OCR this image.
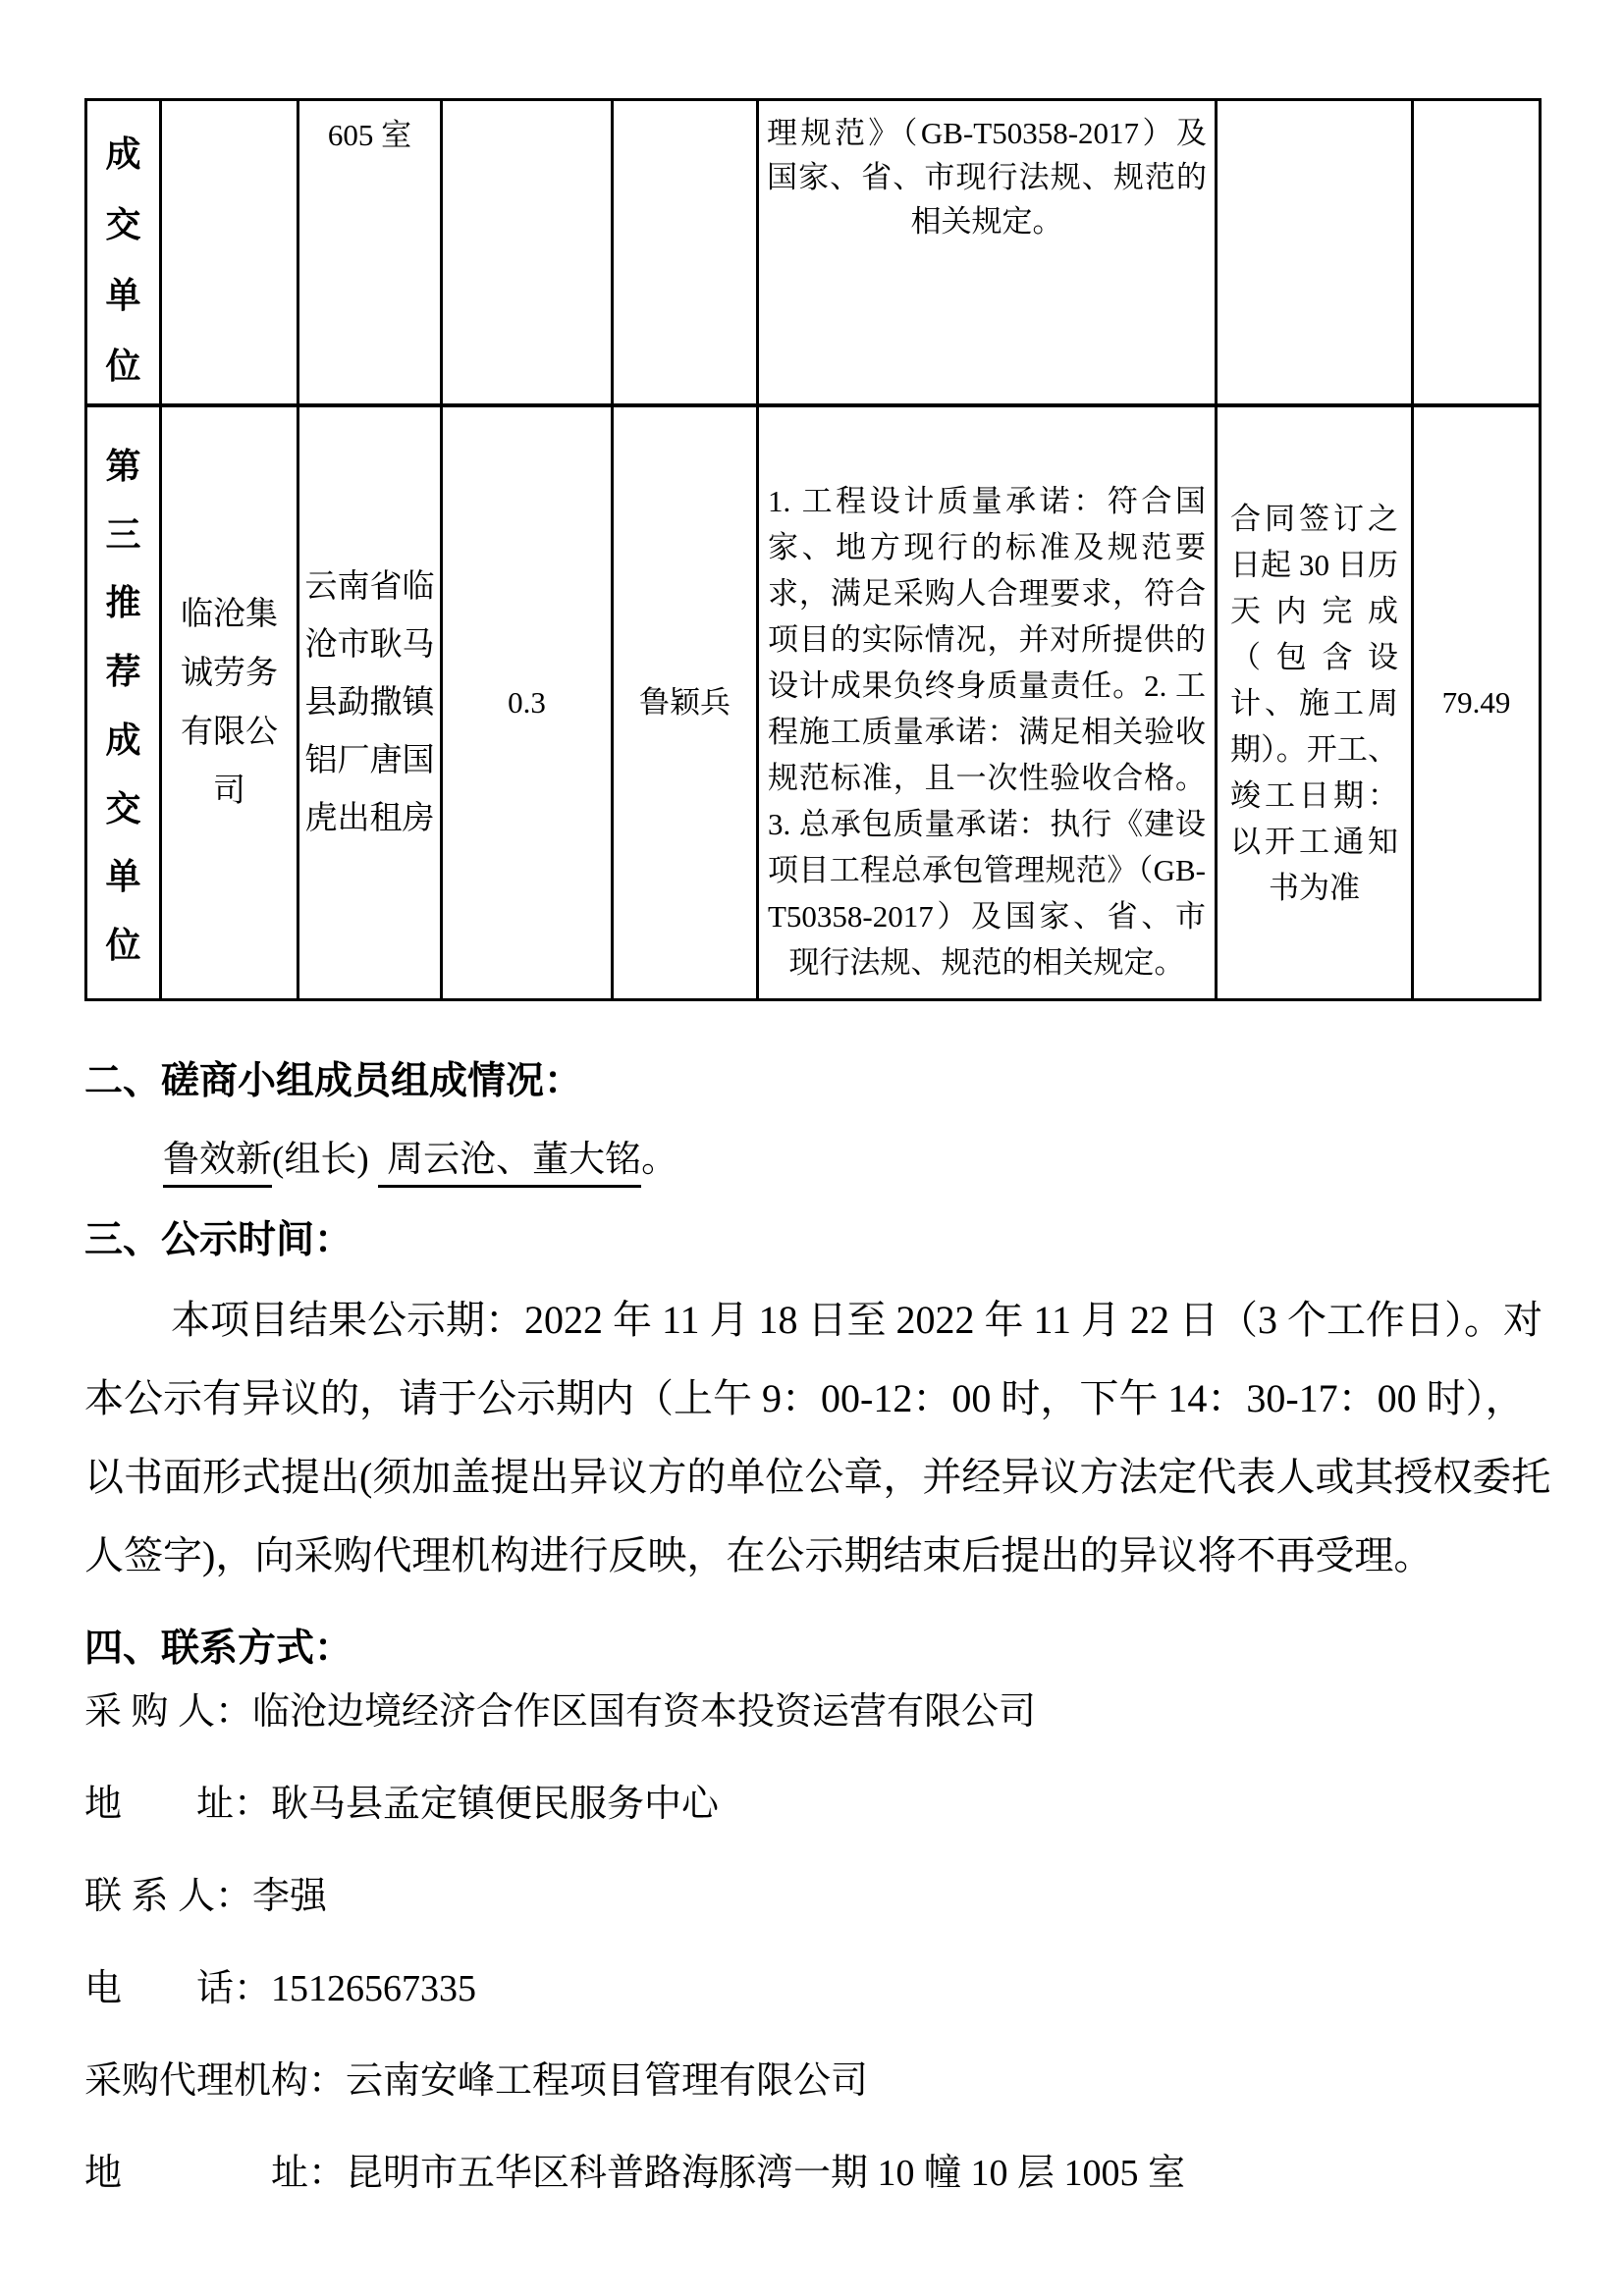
成
交
单
位
605 室	理规范》（GB-T50358-2017）及国家、省、市现行法规、规范的相关规定。
第
三
推
荐
成
交
单
位
临沧集诚劳务有限公司
云南省临沧市耿马县勐撒镇铝厂唐国虎出租房
0.3	鲁颖兵
1. 工程设计质量承诺：符合国家、地方现行的标准及规范要求，满足采购人合理要求，符合项目的实际情况，并对所提供的设计成果负终身质量责任。2. 工程施工质量承诺：满足相关验收规范标准，且一次性验收合格。3. 总承包质量承诺：执行《建设项目工程总承包管理规范》（GB-T50358-2017）及国家、省、市现行法规、规范的相关规定。
合同签订之日起 30 日历天内完成（包含设计、施工周期）。开工、竣工日期：以开工通知书为准
79.49
二、磋商小组成员组成情况：
鲁效新(组长)  周云沧、董大铭。
三、公示时间：
本项目结果公示期：2022 年 11 月 18 日至 2022 年 11 月 22 日（3 个工作日）。对
本公示有异议的，请于公示期内（上午 9：00-12：00 时，下午 14：30-17：00 时），
以书面形式提出(须加盖提出异议方的单位公章，并经异议方法定代表人或其授权委托
人签字)，向采购代理机构进行反映，在公示期结束后提出的异议将不再受理。
四、联系方式：
采 购 人：临沧边境经济合作区国有资本投资运营有限公司
地　　址：耿马县孟定镇便民服务中心
联 系 人：李强
电　　话：15126567335
采购代理机构：云南安峰工程项目管理有限公司
地　　　　址：昆明市五华区科普路海豚湾一期 10 幢 10 层 1005 室
